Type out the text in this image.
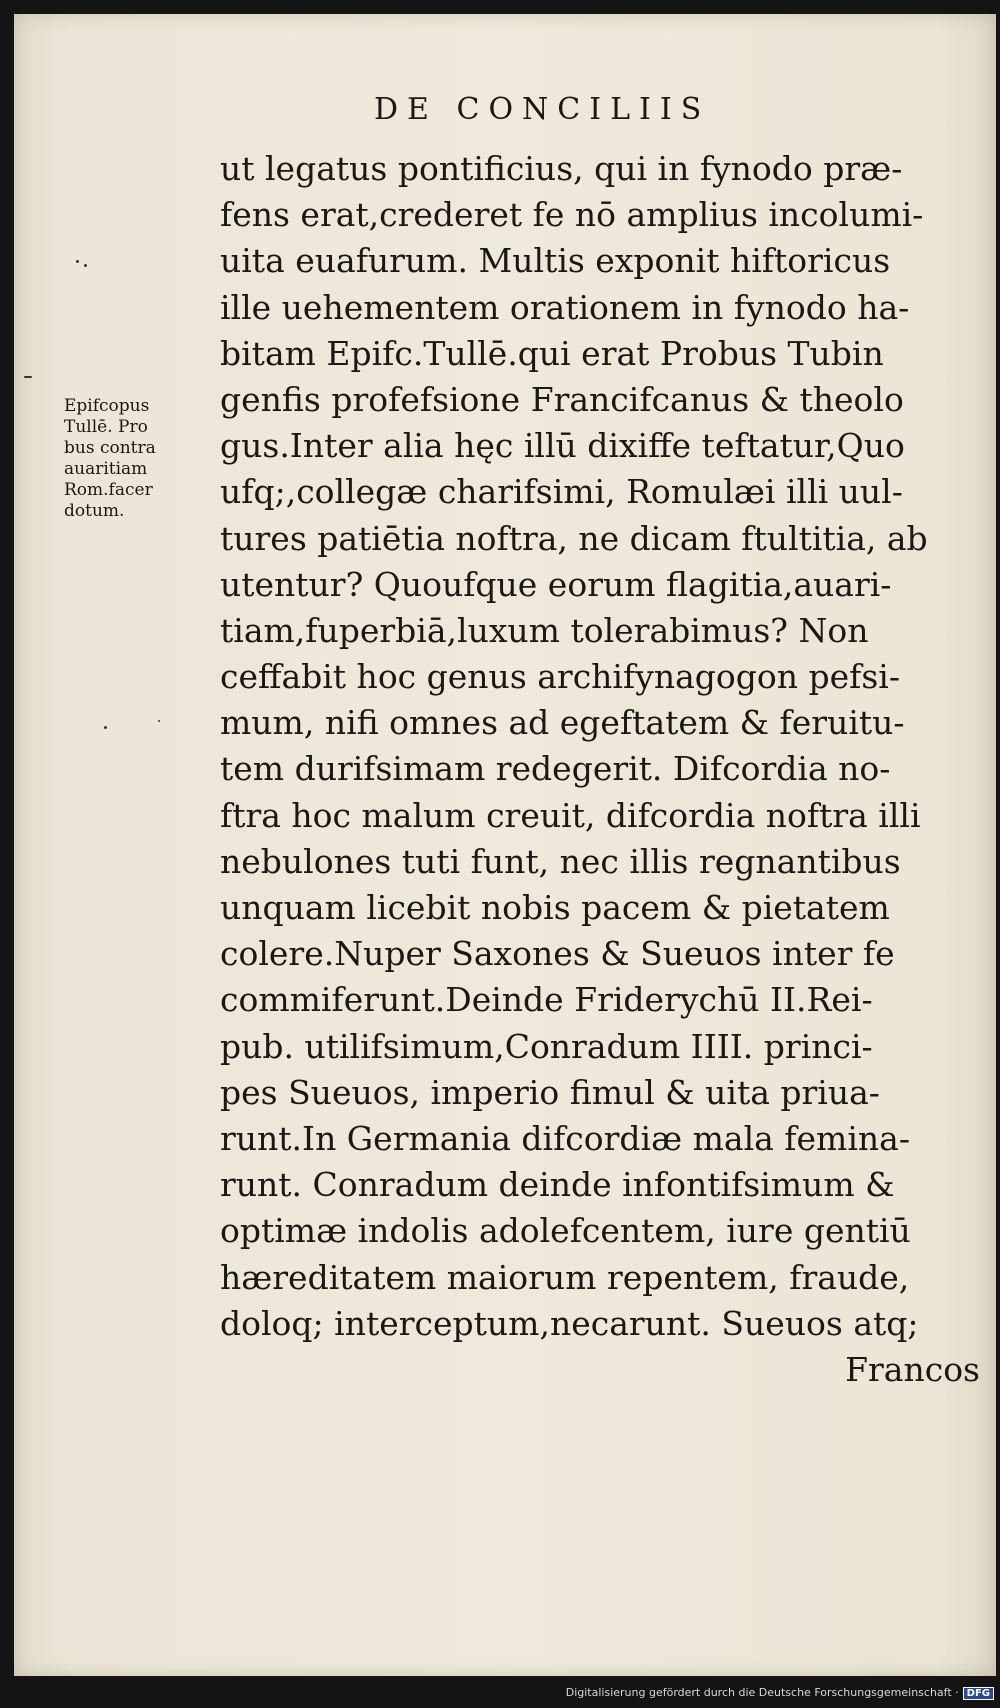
DE CONCILIIS
Epifcopus
Tullē. Pro
bus contra
auaritiam
Rom.facer
dotum.
ut legatus pontificius, qui in fynodo præ-
fens erat,crederet fe nō amplius incolumi-
uita euafurum. Multis exponit hiftoricus
ille uehementem orationem in fynodo ha-
bitam Epifc.Tullē.qui erat Probus Tubin
genfis profefsione Francifcanus & theolo
gus.Inter alia hęc illū dixiffe teftatur,Quo
ufq;,collegæ charifsimi, Romulæi illi uul-
tures patiētia noftra, ne dicam ftultitia, ab
utentur? Quoufque eorum flagitia,auari-
tiam,fuperbiā,luxum tolerabimus? Non
ceffabit hoc genus archifynagogon pefsi-
mum, nifi omnes ad egeftatem & feruitu-
tem durifsimam redegerit. Difcordia no-
ftra hoc malum creuit, difcordia noftra illi
nebulones tuti funt, nec illis regnantibus
unquam licebit nobis pacem & pietatem
colere.Nuper Saxones & Sueuos inter fe
commiferunt.Deinde Friderychū II.Rei-
pub. utilifsimum,Conradum IIII. princi-
pes Sueuos, imperio fimul & uita priua-
runt.In Germania difcordiæ mala femina-
runt. Conradum deinde infontifsimum &
optimæ indolis adolefcentem, iure gentiū
hæreditatem maiorum repentem, fraude,
doloq; interceptum,necarunt. Sueuos atq;
Francos
Digitalisierung gefördert durch die Deutsche Forschungsgemeinschaft · DFG
